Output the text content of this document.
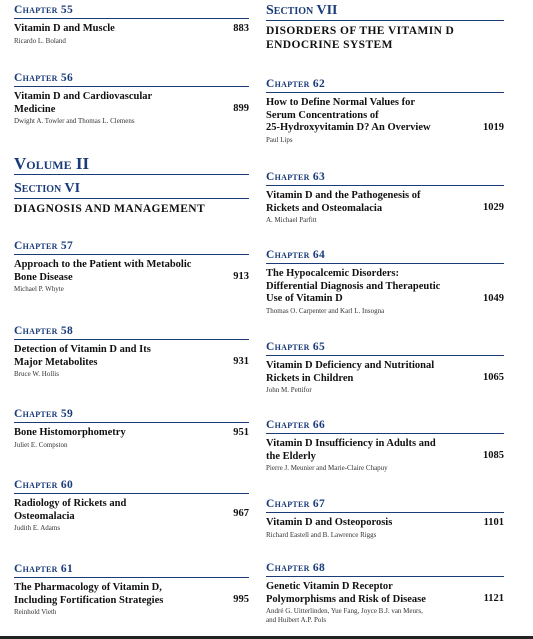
Chapter 55
Vitamin D and Muscle	883
Ricardo L. Boland
Chapter 56
Vitamin D and Cardiovascular
Medicine	899
Dwight A. Towler and Thomas L. Clemens
Volume II
Section VI
DIAGNOSIS AND MANAGEMENT
Chapter 57
Approach to the Patient with Metabolic
Bone Disease	913
Michael P. Whyte
Chapter 58
Detection of Vitamin D and Its
Major Metabolites	931
Bruce W. Hollis
Chapter 59
Bone Histomorphometry	951
Juliet E. Compston
Chapter 60
Radiology of Rickets and
Osteomalacia	967
Judith E. Adams
Chapter 61
The Pharmacology of Vitamin D,
Including Fortification Strategies	995
Reinhold Vieth
Section VII
DISORDERS OF THE VITAMIN D
ENDOCRINE SYSTEM
Chapter 62
How to Define Normal Values for
Serum Concentrations of
25-Hydroxyvitamin D? An Overview	1019
Paul Lips
Chapter 63
Vitamin D and the Pathogenesis of
Rickets and Osteomalacia	1029
A. Michael Parfitt
Chapter 64
The Hypocalcemic Disorders:
Differential Diagnosis and Therapeutic
Use of Vitamin D	1049
Thomas O. Carpenter and Karl L. Insogna
Chapter 65
Vitamin D Deficiency and Nutritional
Rickets in Children	1065
John M. Pettifor
Chapter 66
Vitamin D Insufficiency in Adults and
the Elderly	1085
Pierre J. Meunier and Marie-Claire Chapuy
Chapter 67
Vitamin D and Osteoporosis	1101
Richard Eastell and B. Lawrence Riggs
Chapter 68
Genetic Vitamin D Receptor
Polymorphisms and Risk of Disease	1121
André G. Uitterlinden, Yue Fang, Joyce B.J. van Meurs,
and Huibert A.P. Pols
